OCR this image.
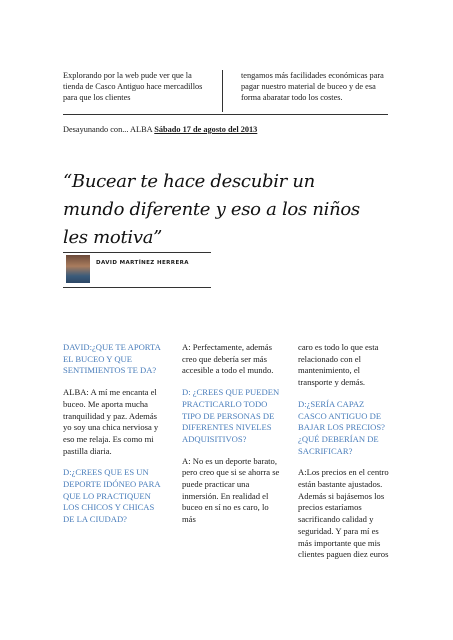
Explorando por la web pude ver que la tienda de Casco Antiguo hace mercadillos para que los clientes
tengamos más facilidades económicas para pagar nuestro material de buceo y de esa forma abaratar todo los costes.
Desayunando con... ALBA Sábado 17 de agosto del 2013
“Bucear te hace descubir un mundo diferente y eso a los niños les motiva”
DAVID MARTÍNEZ HERRERA

DAVID:¿QUE TE APORTA EL BUCEO Y QUE SENTIMIENTOS TE DA?

ALBA: A mí me encanta el buceo. Me aporta mucha tranquilidad y paz. Además yo soy una chica nerviosa y eso me relaja. Es como mi pastilla diaria.

D:¿CREES QUE ES UN DEPORTE IDÓNEO PARA QUE LO PRACTIQUEN LOS CHICOS Y CHICAS DE LA CIUDAD?

A: Perfectamente, además creo que debería ser más accesible a todo el mundo.

D: ¿CREES QUE PUEDEN PRACTICARLO TODO TIPO DE PERSONAS DE DIFERENTES NIVELES ADQUISITIVOS?

A: No es un deporte barato, pero creo que si se ahorra se puede practicar una inmersión. En realidad el buceo en sí no es caro, lo más

caro es todo lo que esta relacionado con el mantenimiento, el transporte y demás.

D:¿SERÍA CAPAZ CASCO ANTIGUO DE BAJAR LOS PRECIOS? ¿QUÉ DEBERÍAN DE SACRIFICAR?

A:Los precios en el centro están bastante ajustados. Además si bajásemos los precios estaríamos sacrificando calidad y seguridad. Y para mí es más importante que mis clientes paguen diez euros
